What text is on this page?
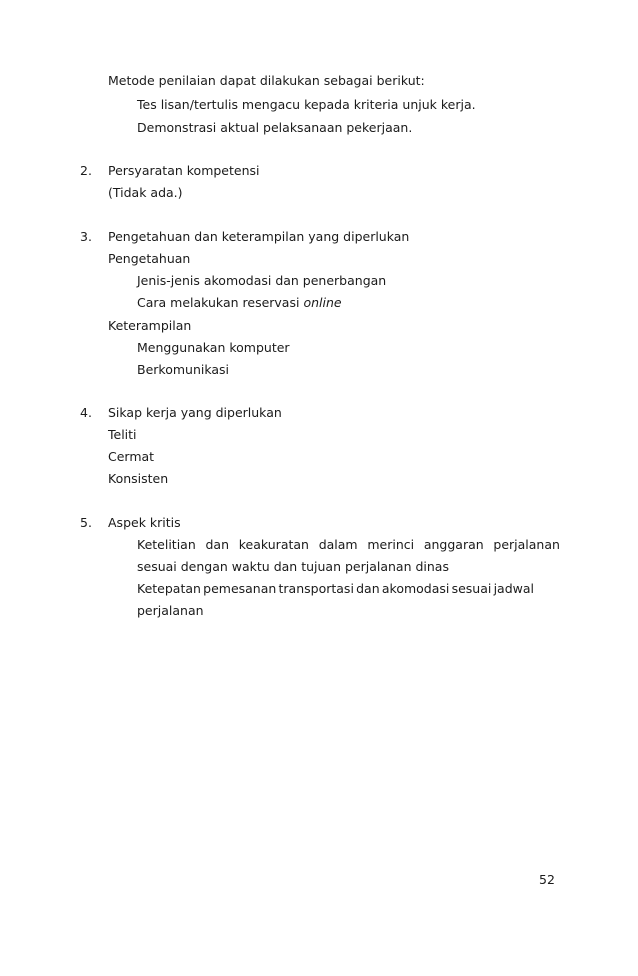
Metode penilaian dapat dilakukan sebagai berikut:
Tes lisan/tertulis mengacu kepada kriteria unjuk kerja.
Demonstrasi aktual pelaksanaan pekerjaan.
2. Persyaratan kompetensi
(Tidak ada.)
3. Pengetahuan dan keterampilan yang diperlukan
Pengetahuan
Jenis-jenis akomodasi dan penerbangan
Cara melakukan reservasi online
Keterampilan
Menggunakan komputer
Berkomunikasi
4. Sikap kerja yang diperlukan
Teliti
Cermat
Konsisten
5. Aspek kritis
Ketelitian dan keakuratan dalam merinci anggaran perjalanan
sesuai dengan waktu dan tujuan perjalanan dinas
Ketepatan pemesanan transportasi dan akomodasi sesuai jadwal
perjalanan
52
